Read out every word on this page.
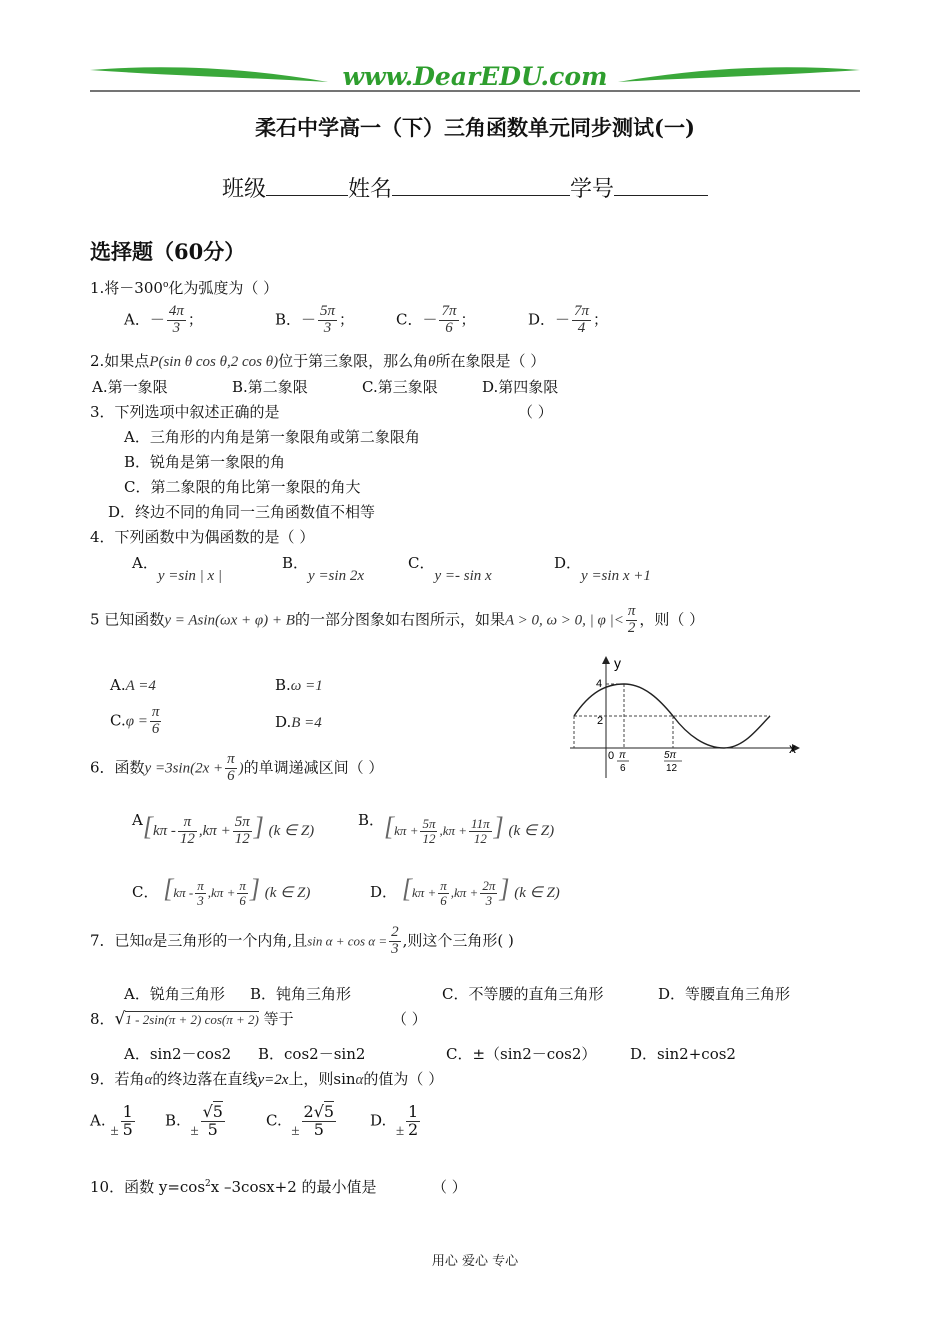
www.DearEDU.com
柔石中学高一（下）三角函数单元同步测试(一)
班级	姓名	学号
选择题（60分）
1.将$-300^o$化为弧度为（ ）
A．－ $\frac{4\pi}{3}$ ；	B．－ $\frac{5\pi}{3}$ ；	C．－ $\frac{7\pi}{6}$ ；	D．－ $\frac{7\pi}{4}$ ；
2.如果点P(sin θ cos θ,2 cos θ)位于第三象限，那么角θ所在象限是（ ）
A.第一象限	B.第二象限	C.第三象限	D.第四象限
3．下列选项中叙述正确的是	（ ）
A．三角形的内角是第一象限角或第二象限角
B．锐角是第一象限的角
C．第二象限的角比第一象限的角大
D．终边不同的角同一三角函数值不相等
4．下列函数中为偶函数的是（ ）
A．y =sin | x |
B．y =sin 2x
C．y =- sin x
D．y =sin x +1
5 已知函数y = Asin(ωx + φ) + B的一部分图象如右图所示，如果A > 0, ω > 0, | φ |< $\frac{\pi}{2}$ ，则（ ）
A.A =4	B.ω =1
$C.\varphi = \frac{\pi}{6}$	D.B =4
y
x
4
2
0 π
6
5π
12
6．函数$y =3\sin(2x + \frac{\pi}{6}$ )的单调递减区间（ ）
$A[k\pi - \frac{\pi}{12} ,k\pi + \frac{5\pi}{12}$ ] (k ∈ Z)
B．[$k\pi + \frac{5\pi}{12} ,k\pi + \frac{11\pi}{12}$ ] (k ∈ Z)
C． [$k\pi - \frac{\pi}{3} ,k\pi + \frac{\pi}{6}$ ] (k ∈ Z)	D． [$k\pi + \frac{\pi}{6} ,k\pi + \frac{2\pi}{3}$ ] (k ∈ Z)
7．已知α是三角形的一个内角,且$\sin \alpha + \cos \alpha = \frac{2}{3}$ ,则这个三角形( )
A．锐角三角形 B．钝角三角形	C．不等腰的直角三角形	D．等腰直角三角形
8．√1 - 2sin(π + 2) cos(π + 2) 等于	（ ）
A．sin2－cos2 B．cos2－sin2	C．±（sin2－cos2） D．sin2+cos2
9．若角α的终边落在直线y=2x上，则sinα的值为（ ）
A. ± $\frac{1}{5} B$.  ± $\frac{√5}{5}$	C.  ± $\frac{2√5}{5} D$.  ± $\frac{1}{2}$
10．函数 $y=\cos^2x$ –3cosx+2 的最小值是	（ ）
用心 爱心 专心
